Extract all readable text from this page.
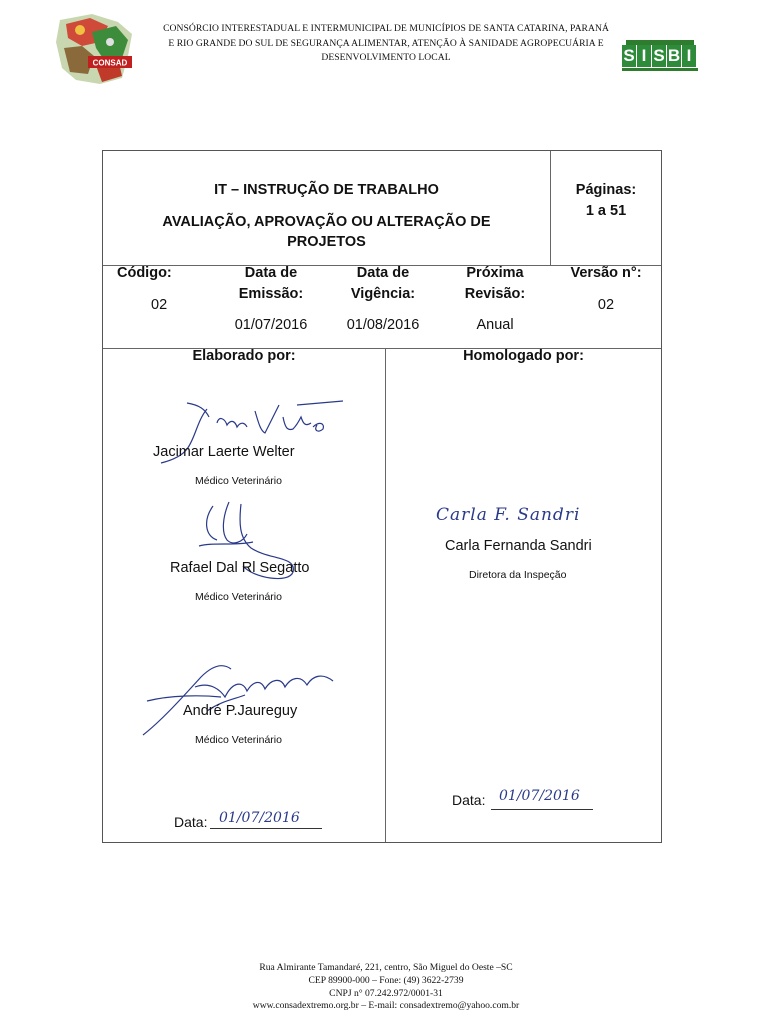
CONSAD
CONSÓRCIO INTERESTADUAL E INTERMUNICIPAL DE MUNICÍPIOS DE SANTA CATARINA, PARANÁ E RIO GRANDE DO SUL DE SEGURANÇA ALIMENTAR, ATENÇÃO À SANIDADE AGROPECUÁRIA E DESENVOLVIMENTO LOCAL	S I S B I
IT – INSTRUÇÃO DE TRABALHO
AVALIAÇÃO, APROVAÇÃO OU ALTERAÇÃO DE
PROJETOS
Páginas:
1 a 51
Código:
02
Data de
Emissão:
01/07/2016
Data de
Vigência:
01/08/2016
Próxima
Revisão:
Anual
Versão n°:
02
Elaborado por:	Homologado por:
Jacimar Laerte Welter
Médico Veterinário
Rafael Dal Rl Segatto
Médico Veterinário
André P.Jaureguy
Médico Veterinário
Carla F. Sandri
Carla Fernanda Sandri
Diretora da Inspeção
Data: 01/07/2016
Data: 01/07/2016
Rua Almirante Tamandaré, 221, centro, São Miguel do Oeste –SC
CEP 89900-000 – Fone: (49) 3622-2739
CNPJ n° 07.242.972/0001-31
www.consadextremo.org.br – E-mail: consadextremo@yahoo.com.br
